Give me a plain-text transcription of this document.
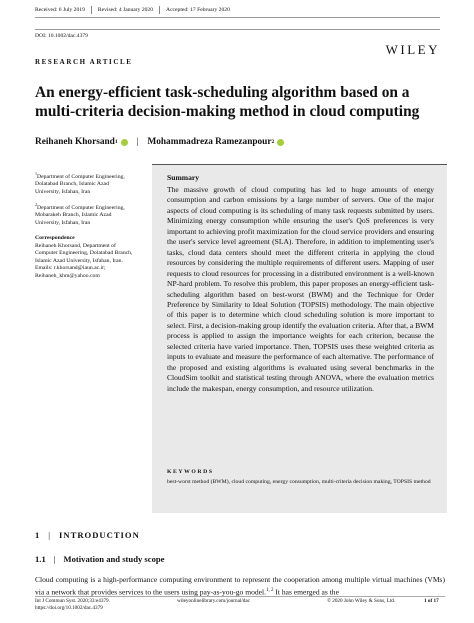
Received: 6 July 2019 Revised: 4 January 2020 Accepted: 17 February 2020
DOI: 10.1002/dac.4379
WILEY
RESEARCH ARTICLE
An energy-efficient task-scheduling algorithm based on a multi-criteria decision-making method in cloud computing
Reihaneh Khorsand 1 | Mohammadreza Ramezanpour 2
$^1$Department of Computer Engineering, Dolatabad Branch, Islamic Azad University, Isfahan, Iran
$^2$Department of Computer Engineering, Mobarakeh Branch, Islamic Azad University, Isfahan, Iran
Correspondence
Reihaneh Khorsand, Department of Computer Engineering, Dolatabad Branch, Islamic Azad University, Isfahan, Iran.
Emails: r.khorsand@iaun.ac.ir; Reihaneh_khm@yahoo.com
Summary
The massive growth of cloud computing has led to huge amounts of energy consumption and carbon emissions by a large number of servers. One of the major aspects of cloud computing is its scheduling of many task requests submitted by users. Minimizing energy consumption while ensuring the user's QoS preferences is very important to achieving profit maximization for the cloud service providers and ensuring the user's service level agreement (SLA). Therefore, in addition to implementing user's tasks, cloud data centers should meet the different criteria in applying the cloud resources by considering the multiple requirements of different users. Mapping of user requests to cloud resources for processing in a distributed environment is a well-known NP-hard problem. To resolve this problem, this paper proposes an energy-efficient task-scheduling algorithm based on best-worst (BWM) and the Technique for Order Preference by Similarity to Ideal Solution (TOPSIS) methodology. The main objective of this paper is to determine which cloud scheduling solution is more important to select. First, a decision-making group identify the evaluation criteria. After that, a BWM process is applied to assign the importance weights for each criterion, because the selected criteria have varied importance. Then, TOPSIS uses these weighted criteria as inputs to evaluate and measure the performance of each alternative. The performance of the proposed and existing algorithms is evaluated using several benchmarks in the CloudSim toolkit and statistical testing through ANOVA, where the evaluation metrics include the makespan, energy consumption, and resource utilization.
KEYWORDS
best-worst method (BWM), cloud computing, energy consumption, multi-criteria decision making, TOPSIS method
1 | INTRODUCTION
1.1 | Motivation and study scope
Cloud computing is a high-performance computing environment to represent the cooperation among multiple virtual machines (VMs) via a network that provides services to the users using pay-as-you-go model.$^{1, 2}$ It has emerged as the
Int J Commun Syst. 2020;33:e4379.
https://doi.org/10.1002/dac.4379
wileyonlinelibrary.com/journal/dac	© 2020 John Wiley & Sons, Ltd.	1 of 17
